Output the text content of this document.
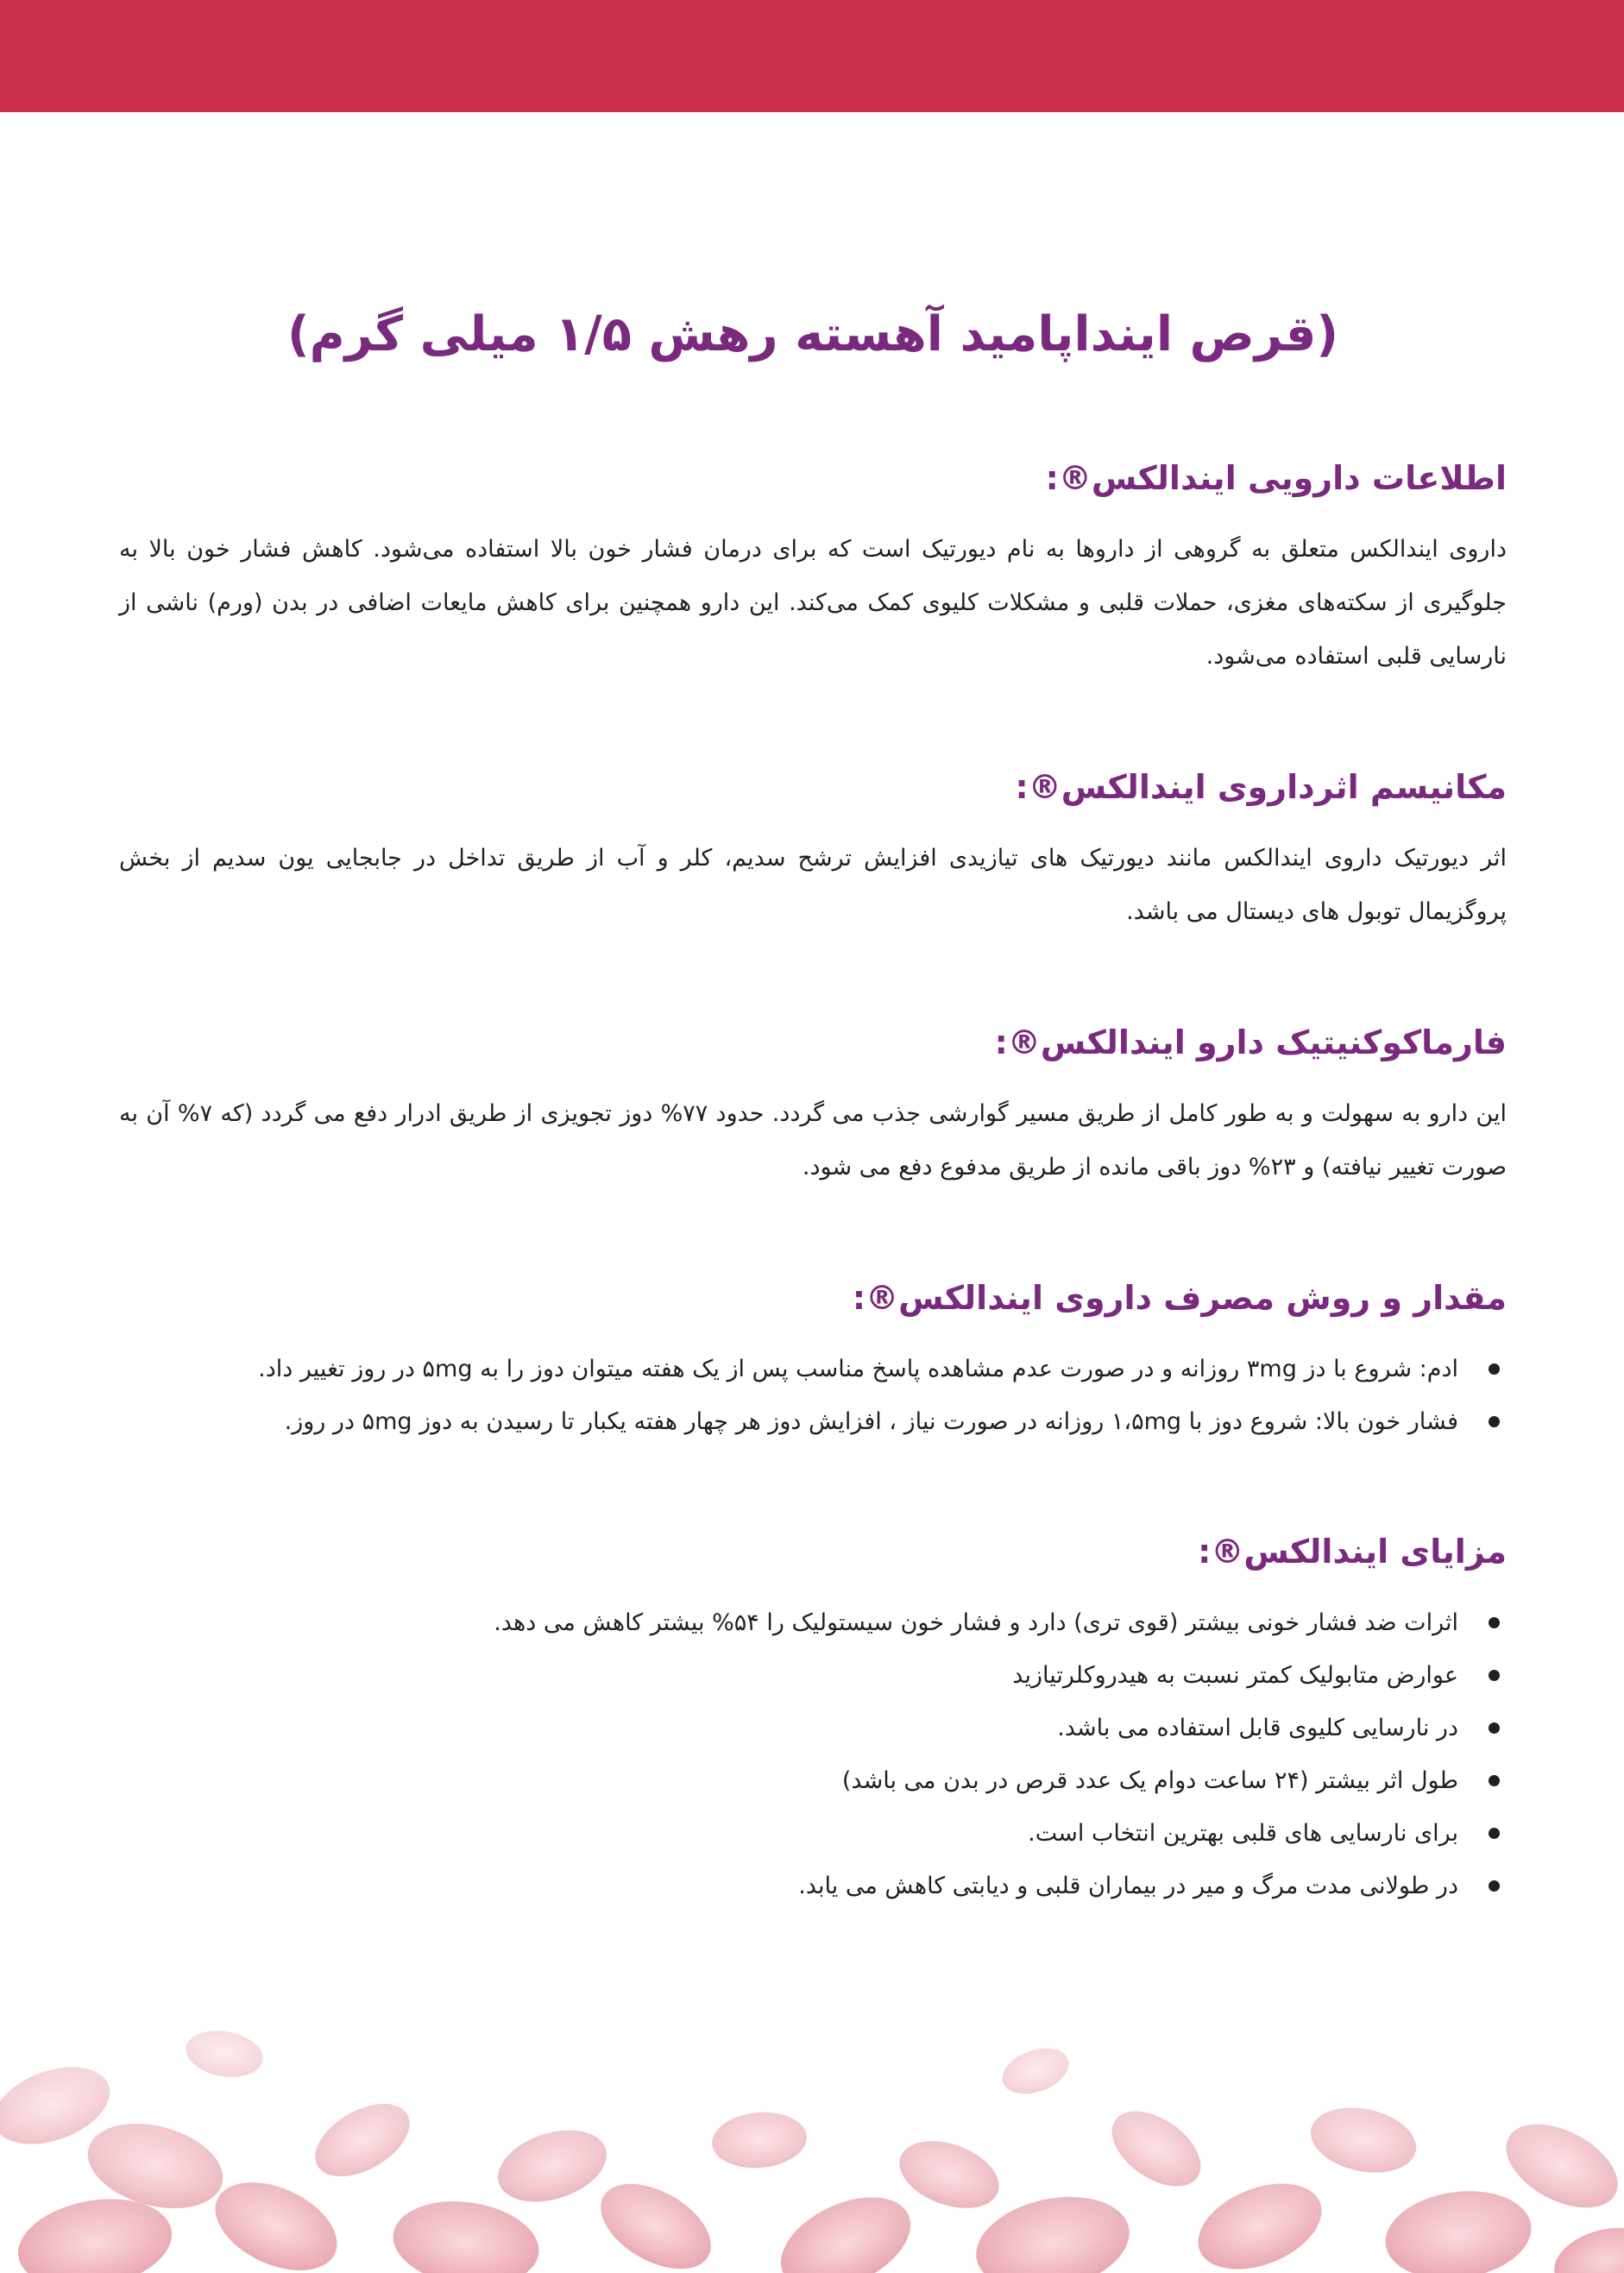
(قرص اینداپامید آهسته رهش ۱/۵ میلی گرم)
اطلاعات دارویی ایندالکس®:

داروی ایندالکس متعلق به گروهی از داروها به نام دیورتیک است که برای درمان فشار خون بالا استفاده می‌شود. کاهش فشار خون بالا به جلوگیری از سکته‌های مغزی، حملات قلبی و مشکلات کلیوی کمک می‌کند. این دارو همچنین برای کاهش مایعات اضافی در بدن (ورم) ناشی از نارسایی قلبی استفاده می‌شود.

مکانیسم اثرداروی ایندالکس®:

اثر دیورتیک داروی ایندالکس مانند دیورتیک های تیازیدی افزایش ترشح سدیم، کلر و آب از طریق تداخل در جابجایی یون سدیم از بخش پروگزیمال توبول های دیستال می باشد.

فارماکوکنیتیک دارو ایندالکس®:

این دارو به سهولت و به طور کامل از طریق مسیر گوارشی جذب می گردد. حدود ۷۷% دوز تجویزی از طریق ادرار دفع می گردد (که ۷% آن به صورت تغییر نیافته) و ۲۳% دوز باقی مانده از طریق مدفوع دفع می شود.

مقدار و روش مصرف داروی ایندالکس®:
ادم: شروع با دز ۳mg روزانه و در صورت عدم مشاهده پاسخ مناسب پس از یک هفته میتوان دوز را به ۵mg در روز تغییر داد.
فشار خون بالا: شروع دوز با ۱،۵mg روزانه در صورت نیاز ، افزایش دوز هر چهار هفته یکبار تا رسیدن به دوز ۵mg در روز.
مزایای ایندالکس®:
اثرات ضد فشار خونی بیشتر (قوی تری) دارد و فشار خون سیستولیک را ۵۴% بیشتر کاهش می دهد.
عوارض متابولیک کمتر نسبت به هیدروکلرتیازید
در نارسایی کلیوی قابل استفاده می باشد.
طول اثر بیشتر (۲۴ ساعت دوام یک عدد قرص در بدن می باشد)
برای نارسایی های قلبی بهترین انتخاب است.
در طولانی مدت مرگ و میر در بیماران قلبی و دیابتی کاهش می یابد.
